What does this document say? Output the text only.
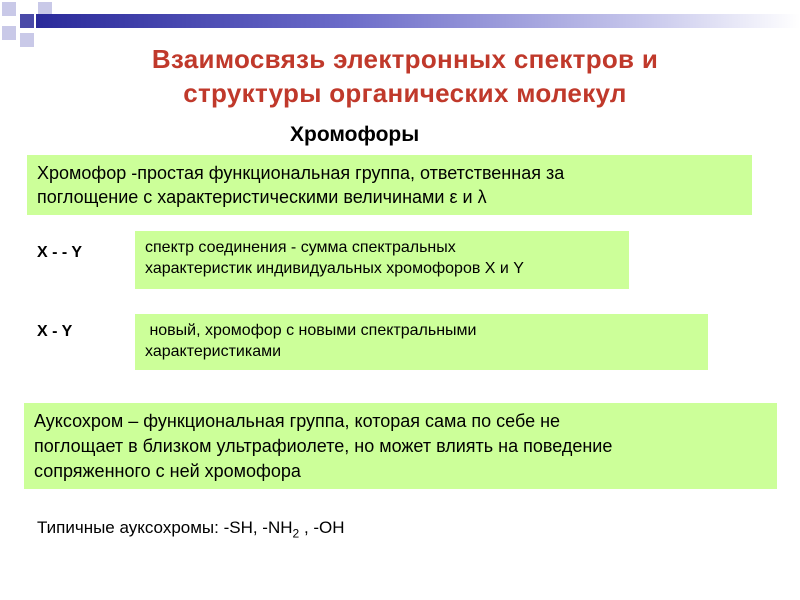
Взаимосвязь электронных спектров и
структуры органических молекул
Хромофоры
Хромофор -простая функциональная группа, ответственная за
поглощение с характеристическими величинами ε и λ
X - - Y	спектр соединения - сумма спектральных
характеристик индивидуальных хромофоров X и Y
X - Y	новый, хромофор с новыми спектральными
характеристиками
Ауксохром – функциональная группа, которая сама по себе не
поглощает в близком ультрафиолете, но может влиять на поведение
сопряженного с ней хромофора
Типичные ауксохромы: -SH, $-NH_2$ , -OH
